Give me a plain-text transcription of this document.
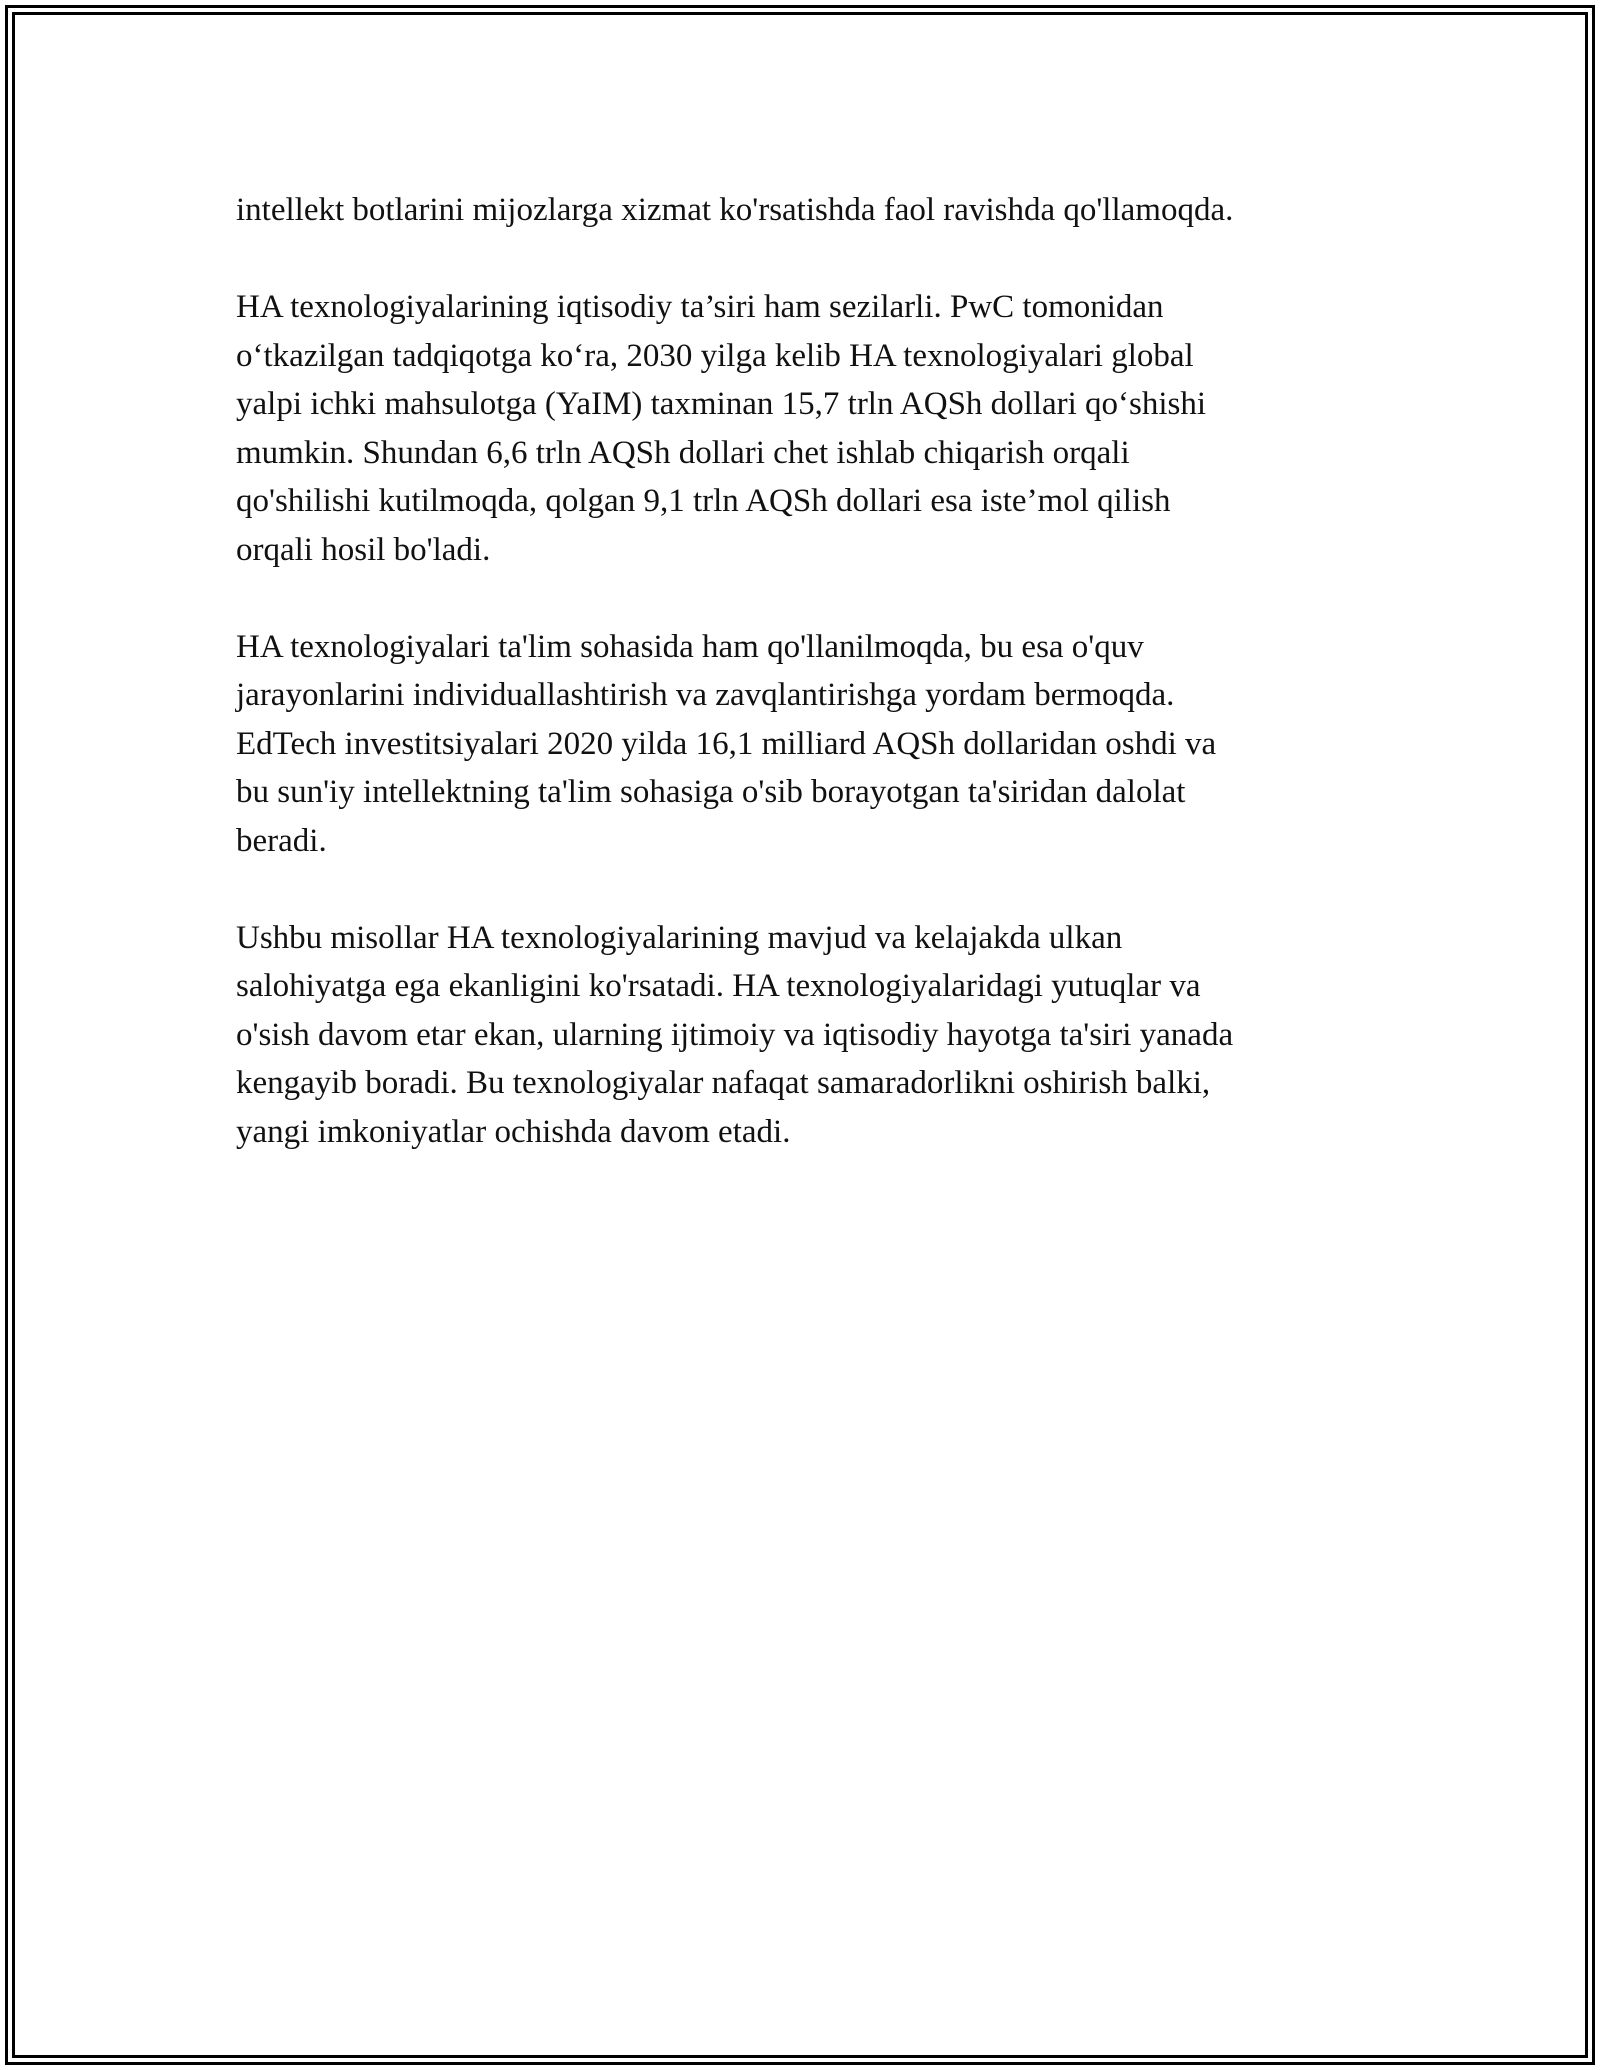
intellekt botlarini mijozlarga xizmat ko'rsatishda faol ravishda qo'llamoqda.

HA texnologiyalarining iqtisodiy ta’siri ham sezilarli. PwC tomonidan
o‘tkazilgan tadqiqotga ko‘ra, 2030 yilga kelib HA texnologiyalari global
yalpi ichki mahsulotga (YaIM) taxminan 15,7 trln AQSh dollari qo‘shishi
mumkin. Shundan 6,6 trln AQSh dollari chet ishlab chiqarish orqali
qo'shilishi kutilmoqda, qolgan 9,1 trln AQSh dollari esa iste’mol qilish
orqali hosil bo'ladi.

HA texnologiyalari ta'lim sohasida ham qo'llanilmoqda, bu esa o'quv
jarayonlarini individuallashtirish va zavqlantirishga yordam bermoqda.
EdTech investitsiyalari 2020 yilda 16,1 milliard AQSh dollaridan oshdi va
bu sun'iy intellektning ta'lim sohasiga o'sib borayotgan ta'siridan dalolat
beradi.

Ushbu misollar HA texnologiyalarining mavjud va kelajakda ulkan
salohiyatga ega ekanligini ko'rsatadi. HA texnologiyalaridagi yutuqlar va
o'sish davom etar ekan, ularning ijtimoiy va iqtisodiy hayotga ta'siri yanada
kengayib boradi. Bu texnologiyalar nafaqat samaradorlikni oshirish balki,
yangi imkoniyatlar ochishda davom etadi.
